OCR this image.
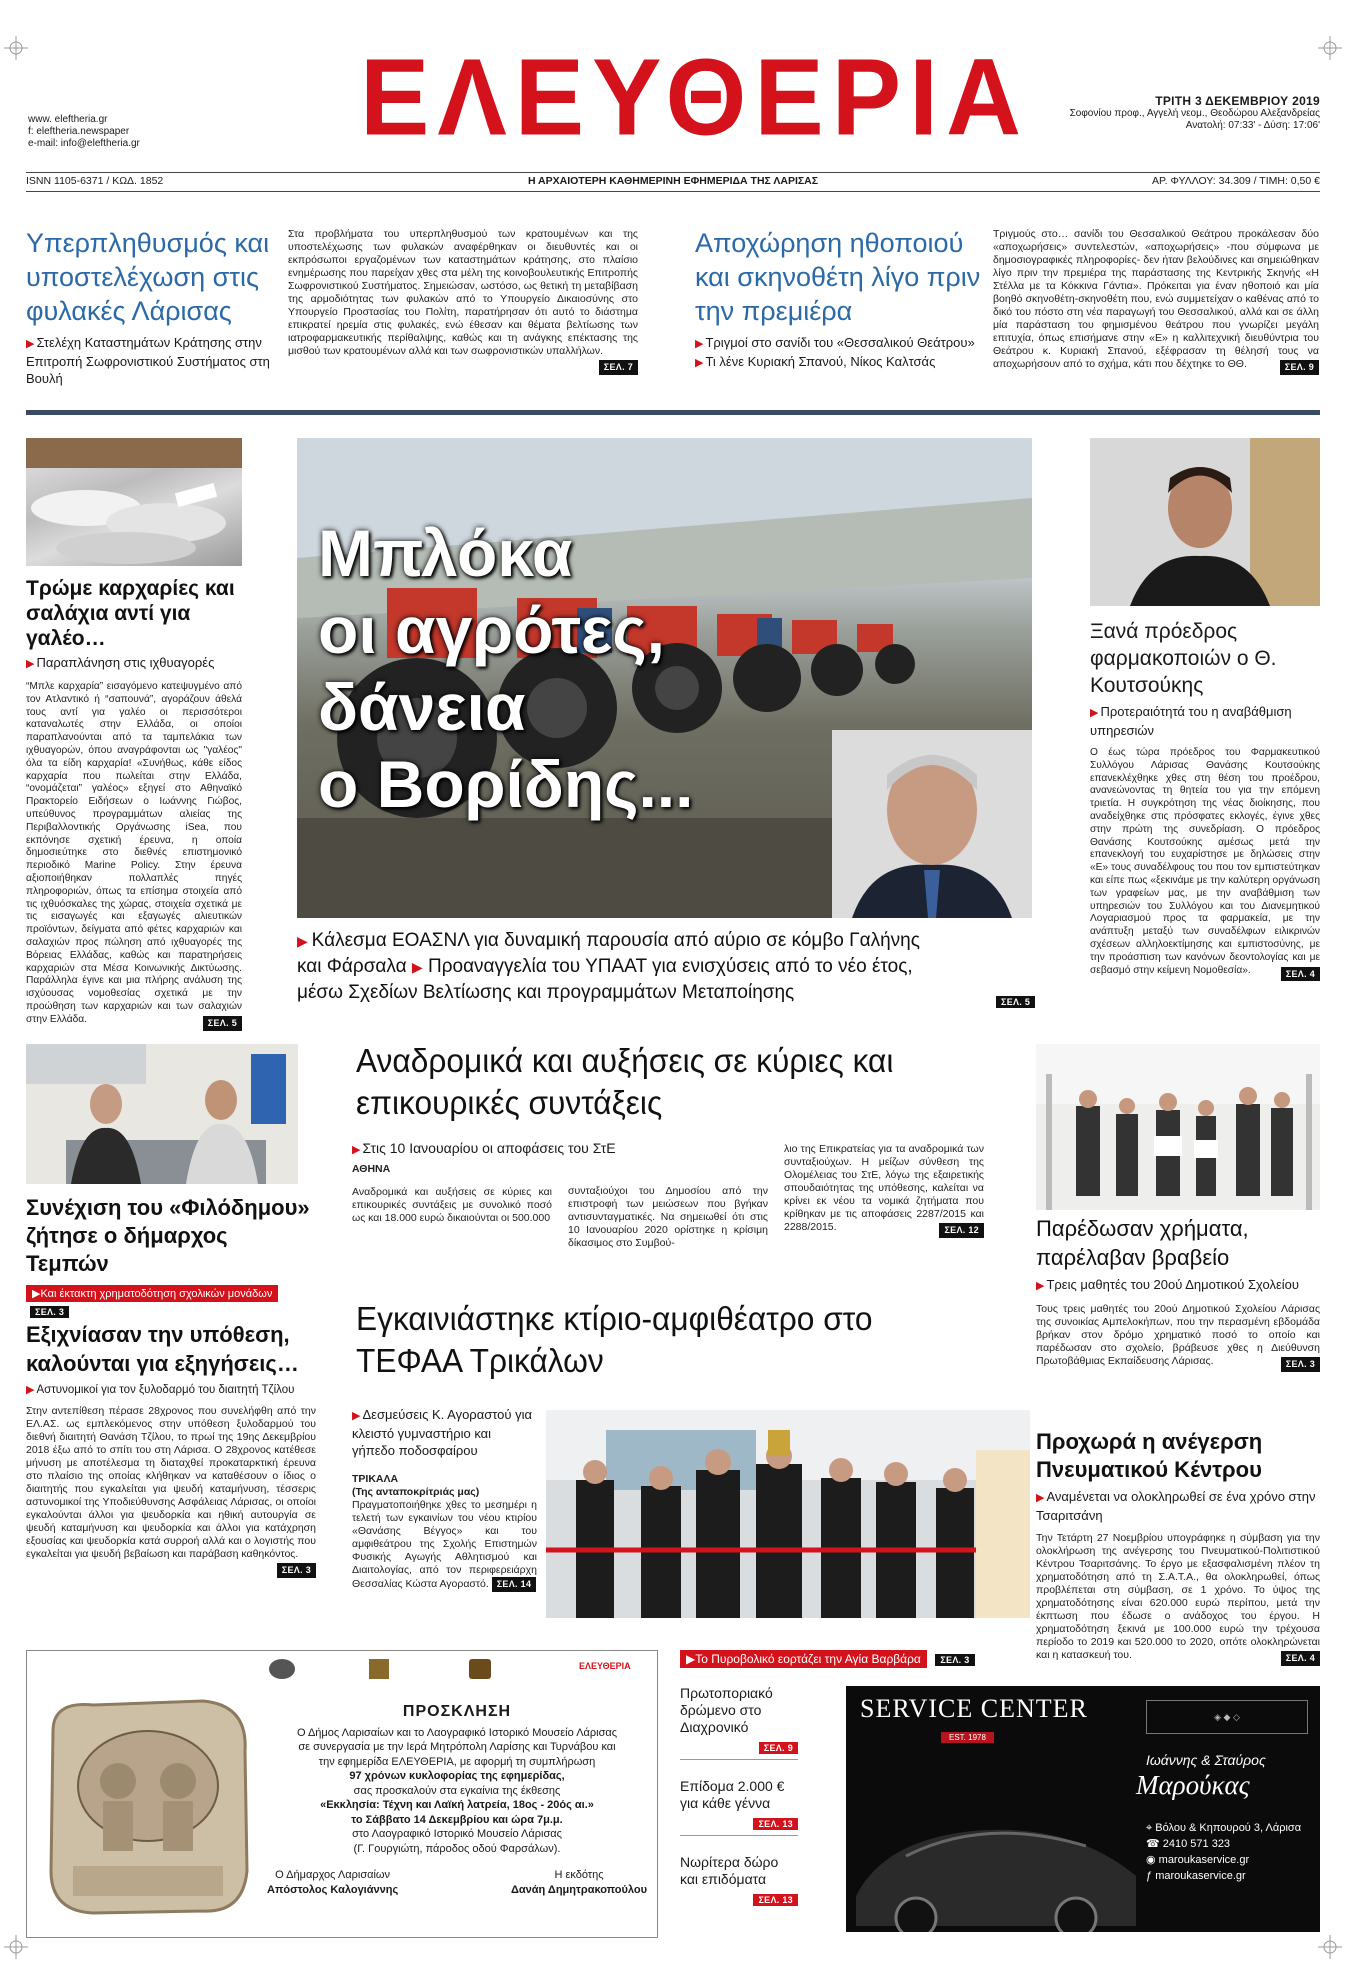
www. eleftheria.gr
f: eleftheria.newspaper
e-mail: info@eleftheria.gr	ΕΛΕΥΘΕΡΙΑ	ΤΡΙΤΗ 3 ΔΕΚΕΜΒΡΙΟΥ 2019
Σοφονίου προφ., Αγγελή νεομ., Θεοδώρου Αλεξανδρείας
Ανατολή: 07:33' - Δύση: 17:06'
ISNN 1105-6371 / ΚΩΔ. 1852	Η ΑΡΧΑΙΟΤΕΡΗ ΚΑΘΗΜΕΡΙΝΗ ΕΦΗΜΕΡΙΔΑ ΤΗΣ ΛΑΡΙΣΑΣ	ΑΡ. ΦΥΛΛΟΥ: 34.309 / ΤΙΜΗ: 0,50 €
Υπερπληθυσμός και υποστελέχωση στις φυλακές Λάρισας
▶ Στελέχη Καταστημάτων Κράτησης στην Επιτροπή Σωφρονιστικού Συστήματος στη Βουλή
Στα προβλήματα του υπερπληθυσμού των κρατουμένων και της υποστελέχωσης των φυλακών αναφέρθηκαν οι διευθυντές και οι εκπρόσωποι εργαζομένων των καταστημάτων κράτησης, στο πλαίσιο ενημέρωσης που παρείχαν χθες στα μέλη της κοινοβουλευτικής Επιτροπής Σωφρονιστικού Συστήματος. Σημειώσαν, ωστόσο, ως θετική τη μεταβίβαση της αρμοδιότητας των φυλακών από το Υπουργείο Δικαιοσύνης στο Υπουργείο Προστασίας του Πολίτη, παρατήρησαν ότι αυτό το διάστημα επικρατεί ηρεμία στις φυλακές, ενώ έθεσαν και θέματα βελτίωσης των ιατροφαρμακευτικής περίθαλψης, καθώς και τη ανάγκης επέκτασης της μισθού των κρατουμένων αλλά και των σωφρονιστικών υπαλλήλων.
ΣΕΛ. 7
Αποχώρηση ηθοποιού και σκηνοθέτη λίγο πριν την πρεμιέρα
▶ Τριγμοί στο σανίδι του «Θεσσαλικού Θεάτρου»
▶ Τι λένε Κυριακή Σπανού, Νίκος Καλτσάς
Τριγμούς στο… σανίδι του Θεσσαλικού Θεάτρου προκάλεσαν δύο «αποχωρήσεις» συντελεστών, «αποχωρήσεις» -που σύμφωνα με δημοσιογραφικές πληροφορίες- δεν ήταν βελούδινες και σημειώθηκαν λίγο πριν την πρεμιέρα της παράστασης της Κεντρικής Σκηνής «Η Στέλλα με τα Κόκκινα Γάντια». Πρόκειται για έναν ηθοποιό και μία βοηθό σκηνοθέτη-σκηνοθέτη που, ενώ συμμετείχαν ο καθένας από το δικό του πόστο στη νέα παραγωγή του Θεσσαλικού, αλλά και σε άλλη μία παράσταση του φημισμένου θεάτρου που γνωρίζει μεγάλη επιτυχία, όπως επισήμανε στην «Ε» η καλλιτεχνική διευθύντρια του Θεάτρου κ. Κυριακή Σπανού, εξέφρασαν τη θέλησή τους να αποχωρήσουν από το σχήμα, κάτι που δέχτηκε το ΘΘ.	ΣΕΛ. 9
Τρώμε καρχαρίες και σαλάχια αντί για γαλέο…
▶ Παραπλάνηση στις ιχθυαγορές
“Μπλε καρχαρία” εισαγόμενο κατεψυγμένο από τον Ατλαντικό ή “σαπουνά”, αγοράζουν άθελά τους αντί για γαλέο οι περισσότεροι καταναλωτές στην Ελλάδα, οι οποίοι παραπλανούνται από τα ταμπελάκια των ιχθυαγορών, όπου αναγράφονται ως "γαλέος" όλα τα είδη καρχαρία! «Συνήθως, κάθε είδος καρχαρία που πωλείται στην Ελλάδα, “ονομάζεται” γαλέος» εξηγεί στο Αθηναϊκό Πρακτορείο Ειδήσεων ο Ιωάννης Γιώβος, υπεύθυνος προγραμμάτων αλιείας της Περιβαλλοντικής Οργάνωσης iSea, που εκπόνησε σχετική έρευνα, η οποία δημοσιεύτηκε στο διεθνές επιστημονικό περιοδικό Marine Policy. Στην έρευνα αξιοποιήθηκαν πολλαπλές πηγές πληροφοριών, όπως τα επίσημα στοιχεία από τις ιχθυόσκαλες της χώρας, στοιχεία σχετικά με τις εισαγωγές και εξαγωγές αλιευτικών προϊόντων, δείγματα από φέτες καρχαριών και σαλαχιών προς πώληση από ιχθυαγορές της Βόρειας Ελλάδας, καθώς και παρατηρήσεις καρχαριών στα Μέσα Κοινωνικής Δικτύωσης. Παράλληλα έγινε και μια πλήρης ανάλυση της ισχύουσας νομοθεσίας σχετικά με την προώθηση των καρχαριών και των σαλαχιών στην Ελλάδα.	ΣΕΛ. 5
Μπλόκα
οι αγρότες,
δάνεια
ο Βορίδης...
▶ Κάλεσμα ΕΟΑΣΝΛ για δυναμική παρουσία από αύριο σε κόμβο Γαλήνης
και Φάρσαλα ▶ Προαναγγελία του ΥΠΑΑΤ για ενισχύσεις από το νέο έτος,
μέσω Σχεδίων Βελτίωσης και προγραμμάτων Μεταποίησης	ΣΕΛ. 5
Ξανά πρόεδρος φαρμακοποιών ο Θ. Κουτσούκης
▶ Προτεραιότητά του η αναβάθμιση υπηρεσιών
Ο έως τώρα πρόεδρος του Φαρμακευτικού Συλλόγου Λάρισας Θανάσης Κουτσούκης επανεκλέχθηκε χθες στη θέση του προέδρου, ανανεώνοντας τη θητεία του για την επόμενη τριετία. Η συγκρότηση της νέας διοίκησης, που αναδείχθηκε στις πρόσφατες εκλογές, έγινε χθες στην πρώτη της συνεδρίαση. Ο πρόεδρος Θανάσης Κουτσούκης αμέσως μετά την επανεκλογή του ευχαρίστησε με δηλώσεις στην «Ε» τους συναδέλφους του που τον εμπιστεύτηκαν και είπε πως «ξεκινάμε με την καλύτερη οργάνωση των γραφείων μας, με την αναβάθμιση των υπηρεσιών του Συλλόγου και του Διανεμητικού Λογαριασμού προς τα φαρμακεία, με την ανάπτυξη μεταξύ των συναδέλφων ειλικρινών σχέσεων αλληλοεκτίμησης και εμπιστοσύνης, με την προάσπιση των κανόνων δεοντολογίας και με σεβασμό στην κείμενη Νομοθεσία».	ΣΕΛ. 4
Συνέχιση του «Φιλόδημου» ζήτησε ο δήμαρχος Τεμπών
▶Και έκτακτη χρηματοδότηση σχολικών μονάδων ΣΕΛ. 3
Αναδρομικά και αυξήσεις σε κύριες και επικουρικές συντάξεις
▶ Στις 10 Ιανουαρίου οι αποφάσεις του ΣτΕ
ΑΘΗΝΑ
Αναδρομικά και αυξήσεις σε κύριες και επικουρικές συντάξεις με συνολικό ποσό ως και 18.000 ευρώ δικαιούνται οι 500.000
συνταξιούχοι του Δημοσίου από την επιστροφή των μειώσεων που βγήκαν αντισυνταγματικές. Να σημειωθεί ότι στις 10 Ιανουαρίου 2020 ορίστηκε η κρίσιμη δίκασιμος στο Συμβού-
λιο της Επικρατείας για τα αναδρομικά των συνταξιούχων. Η μείζων σύνθεση της Ολομέλειας του ΣτΕ, λόγω της εξαιρετικής σπουδαιότητας της υπόθεσης, καλείται να κρίνει εκ νέου τα νομικά ζητήματα που κρίθηκαν με τις αποφάσεις 2287/2015 και 2288/2015.	ΣΕΛ. 12	Παρέδωσαν χρήματα, παρέλαβαν βραβείο
▶ Τρεις μαθητές του 20ού Δημοτικού Σχολείου
Τους τρεις μαθητές του 20ού Δημοτικού Σχολείου Λάρισας της συνοικίας Αμπελοκήπων, που την περασμένη εβδομάδα βρήκαν στον δρόμο χρηματικό ποσό το οποίο και παρέδωσαν στο σχολείο, βράβευσε χθες η Διεύθυνση Πρωτοβάθμιας Εκπαίδευσης Λάρισας.	ΣΕΛ. 3
Εξιχνίασαν την υπόθεση, καλούνται για εξηγήσεις…
▶ Αστυνομικοί για τον ξυλοδαρμό του διαιτητή Τζίλου
Στην αντεπίθεση πέρασε 28χρονος που συνελήφθη από την ΕΛ.ΑΣ. ως εμπλεκόμενος στην υπόθεση ξυλοδαρμού του διεθνή διαιτητή Θανάση Τζίλου, το πρωί της 19ης Δεκεμβρίου 2018 έξω από το σπίτι του στη Λάρισα. Ο 28χρονος κατέθεσε μήνυση με αποτέλεσμα τη διαταχθεί προκαταρκτική έρευνα στο πλαίσιο της οποίας κλήθηκαν να καταθέσουν ο ίδιος ο διαιτητής που εγκαλείται για ψευδή καταμήνυση, τέσσερις αστυνομικοί της Υποδιεύθυνσης Ασφάλειας Λάρισας, οι οποίοι εγκαλούνται άλλοι για ψευδορκία και ηθική αυτουργία σε ψευδή καταμήνυση και ψευδορκία και άλλοι για κατάχρηση εξουσίας και ψευδορκία κατά συρροή αλλά και ο λογιστής που εγκαλείται για ψευδή βεβαίωση και παράβαση καθηκόντος.
ΣΕΛ. 3
Εγκαινιάστηκε κτίριο-αμφιθέατρο στο ΤΕΦΑΑ Τρικάλων
▶ Δεσμεύσεις Κ. Αγοραστού για κλειστό γυμναστήριο και γήπεδο ποδοσφαίρου
ΤΡΙΚΑΛΑ
(Της ανταποκρίτριάς μας)
Πραγματοποιήθηκε χθες το μεσημέρι η τελετή των εγκαινίων του νέου κτιρίου «Θανάσης Βέγγος» και του αμφιθεάτρου της Σχολής Επιστημών Φυσικής Αγωγής Αθλητισμού και Διαιτολογίας, από τον περιφερειάρχη Θεσσαλίας Κώστα Αγοραστό. ΣΕΛ. 14
Προχωρά η ανέγερση Πνευματικού Κέντρου
▶ Αναμένεται να ολοκληρωθεί σε ένα χρόνο στην Τσαριτσάνη
Την Τετάρτη 27 Νοεμβρίου υπογράφηκε η σύμβαση για την ολοκλήρωση της ανέγερσης του Πνευματικού-Πολιτιστικού Κέντρου Τσαριτσάνης. Το έργο με εξασφαλισμένη πλέον τη χρηματοδότηση από τη Σ.Α.Τ.Α., θα ολοκληρωθεί, όπως προβλέπεται στη σύμβαση, σε 1 χρόνο. Το ύψος της χρηματοδότησης είναι 620.000 ευρώ περίπου, μετά την έκπτωση που έδωσε ο ανάδοχος του έργου. Η χρηματοδότηση ξεκινά με 100.000 ευρώ την τρέχουσα περίοδο το 2019 και 520.000 το 2020, οπότε ολοκληρώνεται και η κατασκευή του.	ΣΕΛ. 4
ΕΛΕΥΘΕΡΙΑ
ΠΡΟΣΚΛΗΣΗ
Ο Δήμος Λαρισαίων και το Λαογραφικό Ιστορικό Μουσείο Λάρισας
σε συνεργασία με την Ιερά Μητρόπολη Λαρίσης και Τυρνάβου και
την εφημερίδα ΕΛΕΥΘΕΡΙΑ, με αφορμή τη συμπλήρωση
97 χρόνων κυκλοφορίας της εφημερίδας,
σας προσκαλούν στα εγκαίνια της έκθεσης
«Εκκλησία: Τέχνη και Λαϊκή λατρεία, 18ος - 20ός αι.»
το Σάββατο 14 Δεκεμβρίου και ώρα 7μ.μ.
στο Λαογραφικό Ιστορικό Μουσείο Λάρισας
(Γ. Γουργιώτη, πάροδος οδού Φαρσάλων).
Ο Δήμαρχος Λαρισαίων
Απόστολος Καλογιάννης
Η εκδότης
Δανάη Δημητρακοπούλου
▶Το Πυροβολικό εορτάζει την Αγία Βαρβάρα ΣΕΛ. 3
Πρωτοποριακό δρώμενο στο Διαχρονικό
ΣΕΛ. 9
Επίδομα 2.000 € για κάθε γέννα
ΣΕΛ. 13
Νωρίτερα δώρο και επιδόματα
ΣΕΛ. 13
SERVICE CENTER
EST. 1978
◈ ◆ ◇
Ιωάννης & Σταύρος
Μαρούκας
⌖ Βόλου & Κηπουρού 3, Λάρισα
☎ 2410 571 323
◉ maroukaservice.gr
ƒ maroukaservice.gr
